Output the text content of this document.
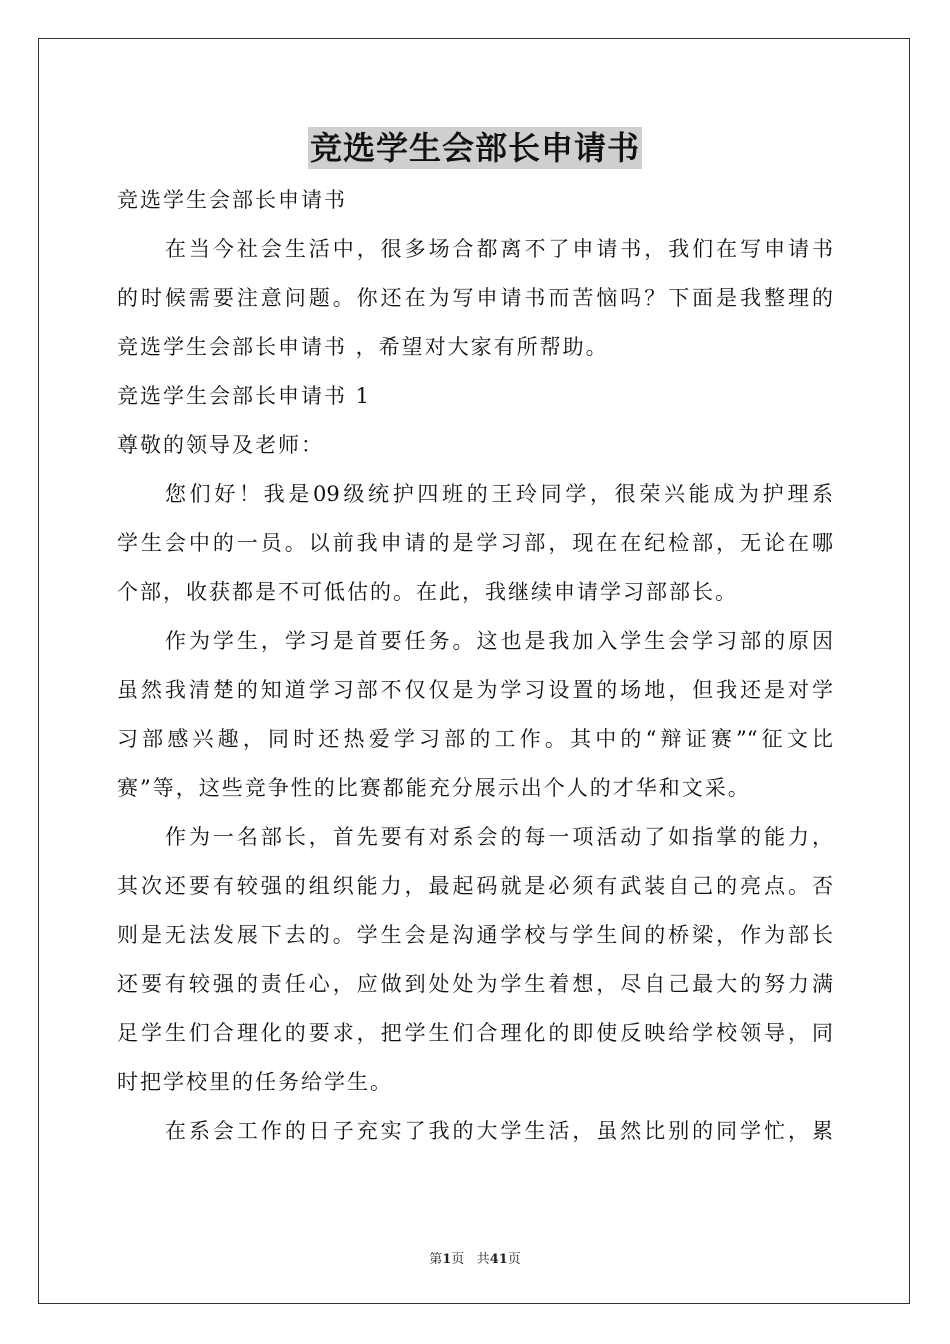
竞选学生会部长申请书
竞选学生会部长申请书
在当今社会生活中，很多场合都离不了申请书，我们在写申请书
的时候需要注意问题。你还在为写申请书而苦恼吗？下面是我整理的
竞选学生会部长申请书 ，希望对大家有所帮助。
竞选学生会部长申请书 1
尊敬的领导及老师：
您们好！我是09级统护四班的王玲同学，很荣兴能成为护理系
学生会中的一员。以前我申请的是学习部，现在在纪检部，无论在哪
个部，收获都是不可低估的。在此，我继续申请学习部部长。
作为学生，学习是首要任务。这也是我加入学生会学习部的原因
虽然我清楚的知道学习部不仅仅是为学习设置的场地，但我还是对学
习部感兴趣，同时还热爱学习部的工作。其中的“辩证赛”“征文比
赛”等，这些竞争性的比赛都能充分展示出个人的才华和文采。
作为一名部长，首先要有对系会的每一项活动了如指掌的能力，
其次还要有较强的组织能力，最起码就是必须有武装自己的亮点。否
则是无法发展下去的。学生会是沟通学校与学生间的桥梁，作为部长
还要有较强的责任心，应做到处处为学生着想，尽自己最大的努力满
足学生们合理化的要求，把学生们合理化的即使反映给学校领导，同
时把学校里的任务给学生。
在系会工作的日子充实了我的大学生活，虽然比别的同学忙，累
第1页 共41页
